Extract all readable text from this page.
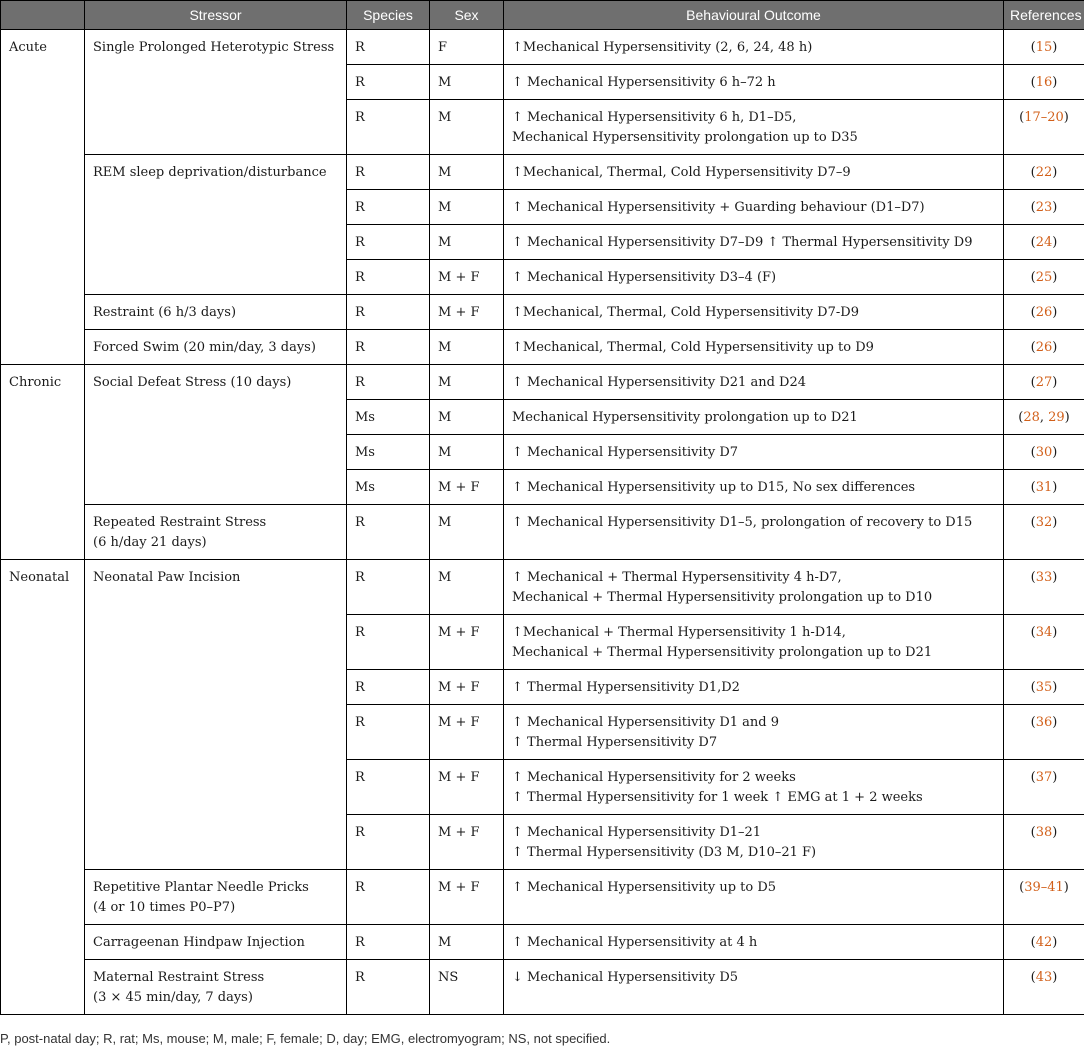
	Stressor	Species	Sex	Behavioural Outcome	References
Acute	Single Prolonged Heterotypic Stress	R	F	↑Mechanical Hypersensitivity (2, 6, 24, 48 h)	(15)
		R	M	↑ Mechanical Hypersensitivity 6 h–72 h	(16)
		R	M	↑ Mechanical Hypersensitivity 6 h, D1–D5,
Mechanical Hypersensitivity prolongation up to D35	(17–20)
	REM sleep deprivation/disturbance	R	M	↑Mechanical, Thermal, Cold Hypersensitivity D7–9	(22)
		R	M	↑ Mechanical Hypersensitivity + Guarding behaviour (D1–D7)	(23)
		R	M	↑ Mechanical Hypersensitivity D7–D9 ↑ Thermal Hypersensitivity D9	(24)
		R	M + F	↑ Mechanical Hypersensitivity D3–4 (F)	(25)
	Restraint (6 h/3 days)	R	M + F	↑Mechanical, Thermal, Cold Hypersensitivity D7-D9	(26)
	Forced Swim (20 min/day, 3 days)	R	M	↑Mechanical, Thermal, Cold Hypersensitivity up to D9	(26)
Chronic	Social Defeat Stress (10 days)	R	M	↑ Mechanical Hypersensitivity D21 and D24	(27)
		Ms	M	Mechanical Hypersensitivity prolongation up to D21	(28, 29)
		Ms	M	↑ Mechanical Hypersensitivity D7	(30)
		Ms	M + F	↑ Mechanical Hypersensitivity up to D15, No sex differences	(31)
	Repeated Restraint Stress
(6 h/day 21 days)	R	M	↑ Mechanical Hypersensitivity D1–5, prolongation of recovery to D15	(32)
Neonatal	Neonatal Paw Incision	R	M	↑ Mechanical + Thermal Hypersensitivity 4 h-D7,
Mechanical + Thermal Hypersensitivity prolongation up to D10	(33)
		R	M + F	↑Mechanical + Thermal Hypersensitivity 1 h-D14,
Mechanical + Thermal Hypersensitivity prolongation up to D21	(34)
		R	M + F	↑ Thermal Hypersensitivity D1,D2	(35)
		R	M + F	↑ Mechanical Hypersensitivity D1 and 9
↑ Thermal Hypersensitivity D7	(36)
		R	M + F	↑ Mechanical Hypersensitivity for 2 weeks
↑ Thermal Hypersensitivity for 1 week ↑ EMG at 1 + 2 weeks	(37)
		R	M + F	↑ Mechanical Hypersensitivity D1–21
↑ Thermal Hypersensitivity (D3 M, D10–21 F)	(38)
	Repetitive Plantar Needle Pricks
(4 or 10 times P0–P7)	R	M + F	↑ Mechanical Hypersensitivity up to D5	(39–41)
	Carrageenan Hindpaw Injection	R	M	↑ Mechanical Hypersensitivity at 4 h	(42)
	Maternal Restraint Stress
(3 × 45 min/day, 7 days)	R	NS	↓ Mechanical Hypersensitivity D5	(43)
P, post-natal day; R, rat; Ms, mouse; M, male; F, female; D, day; EMG, electromyogram; NS, not specified.
